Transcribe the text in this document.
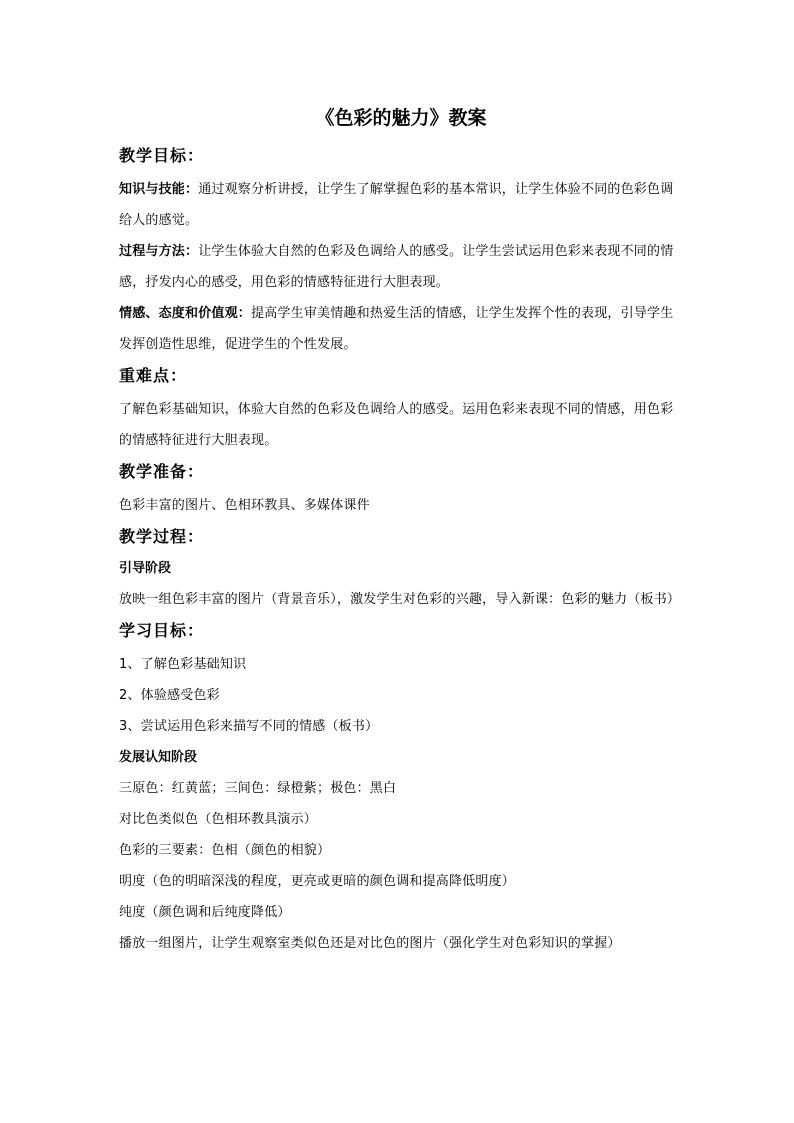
《色彩的魅力》教案
教学目标：

知识与技能：通过观察分析讲授，让学生了解掌握色彩的基本常识，让学生体验不同的色彩色调给人的感觉。

过程与方法：让学生体验大自然的色彩及色调给人的感受。让学生尝试运用色彩来表现不同的情感，抒发内心的感受，用色彩的情感特征进行大胆表现。

情感、态度和价值观：提高学生审美情趣和热爱生活的情感，让学生发挥个性的表现，引导学生发挥创造性思维，促进学生的个性发展。

重难点：

了解色彩基础知识，体验大自然的色彩及色调给人的感受。运用色彩来表现不同的情感，用色彩的情感特征进行大胆表现。

教学准备：

色彩丰富的图片、色相环教具、多媒体课件

教学过程：

引导阶段

放映一组色彩丰富的图片（背景音乐），激发学生对色彩的兴趣，导入新课：色彩的魅力（板书）

学习目标：

1、了解色彩基础知识

2、体验感受色彩

3、尝试运用色彩来描写不同的情感（板书）

发展认知阶段

三原色：红黄蓝；三间色：绿橙紫；极色：黑白

对比色类似色（色相环教具演示）

色彩的三要素：色相（颜色的相貌）

明度（色的明暗深浅的程度，更亮或更暗的颜色调和提高降低明度）

纯度（颜色调和后纯度降低）

播放一组图片，让学生观察室类似色还是对比色的图片（强化学生对色彩知识的掌握）
